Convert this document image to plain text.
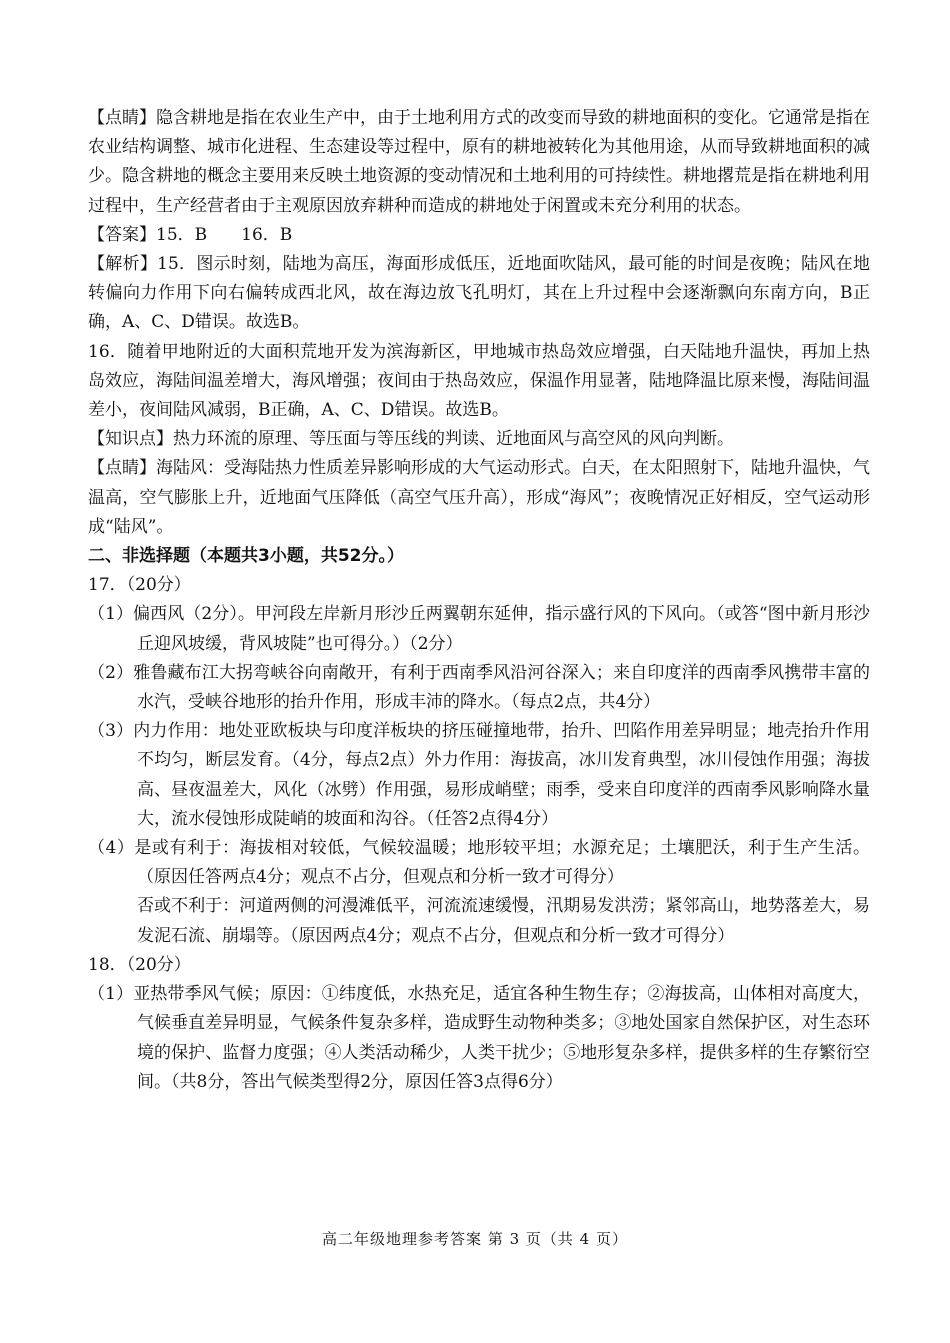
【点睛】隐含耕地是指在农业生产中，由于土地利用方式的改变而导致的耕地面积的变化。它通常是指在农业结构调整、城市化进程、生态建设等过程中，原有的耕地被转化为其他用途，从而导致耕地面积的减少。隐含耕地的概念主要用来反映土地资源的变动情况和土地利用的可持续性。耕地撂荒是指在耕地利用过程中，生产经营者由于主观原因放弃耕种而造成的耕地处于闲置或未充分利用的状态。

【答案】15．B　　16．B

【解析】15．图示时刻，陆地为高压，海面形成低压，近地面吹陆风，最可能的时间是夜晚；陆风在地转偏向力作用下向右偏转成西北风，故在海边放飞孔明灯，其在上升过程中会逐渐飘向东南方向，B正确，A、C、D错误。故选B。

16．随着甲地附近的大面积荒地开发为滨海新区，甲地城市热岛效应增强，白天陆地升温快，再加上热岛效应，海陆间温差增大，海风增强；夜间由于热岛效应，保温作用显著，陆地降温比原来慢，海陆间温差小，夜间陆风减弱，B正确，A、C、D错误。故选B。

【知识点】热力环流的原理、等压面与等压线的判读、近地面风与高空风的风向判断。

【点睛】海陆风：受海陆热力性质差异影响形成的大气运动形式。白天，在太阳照射下，陆地升温快，气温高，空气膨胀上升，近地面气压降低（高空气压升高），形成“海风”；夜晚情况正好相反，空气运动形成“陆风”。

二、非选择题（本题共3小题，共52分。）

17．（20分）

（1）偏西风（2分）。甲河段左岸新月形沙丘两翼朝东延伸，指示盛行风的下风向。（或答“图中新月形沙丘迎风坡缓，背风坡陡”也可得分。）（2分）

（2）雅鲁藏布江大拐弯峡谷向南敞开，有利于西南季风沿河谷深入；来自印度洋的西南季风携带丰富的水汽，受峡谷地形的抬升作用，形成丰沛的降水。（每点2点，共4分）

（3）内力作用：地处亚欧板块与印度洋板块的挤压碰撞地带，抬升、凹陷作用差异明显；地壳抬升作用不均匀，断层发育。（4分，每点2点）外力作用：海拔高，冰川发育典型，冰川侵蚀作用强；海拔高、昼夜温差大，风化（冰劈）作用强，易形成峭壁；雨季，受来自印度洋的西南季风影响降水量大，流水侵蚀形成陡峭的坡面和沟谷。（任答2点得4分）

（4）是或有利于：海拔相对较低，气候较温暖；地形较平坦；水源充足；土壤肥沃，利于生产生活。（原因任答两点4分；观点不占分，但观点和分析一致才可得分）

否或不利于：河道两侧的河漫滩低平，河流流速缓慢，汛期易发洪涝；紧邻高山，地势落差大，易发泥石流、崩塌等。（原因两点4分；观点不占分，但观点和分析一致才可得分）

18．（20分）

（1）亚热带季风气候；原因：①纬度低，水热充足，适宜各种生物生存；②海拔高，山体相对高度大，气候垂直差异明显，气候条件复杂多样，造成野生动物种类多；③地处国家自然保护区，对生态环境的保护、监督力度强；④人类活动稀少，人类干扰少；⑤地形复杂多样，提供多样的生存繁衍空间。（共8分，答出气候类型得2分，原因任答3点得6分）

高二年级地理参考答案 第 3 页（共 4 页）
